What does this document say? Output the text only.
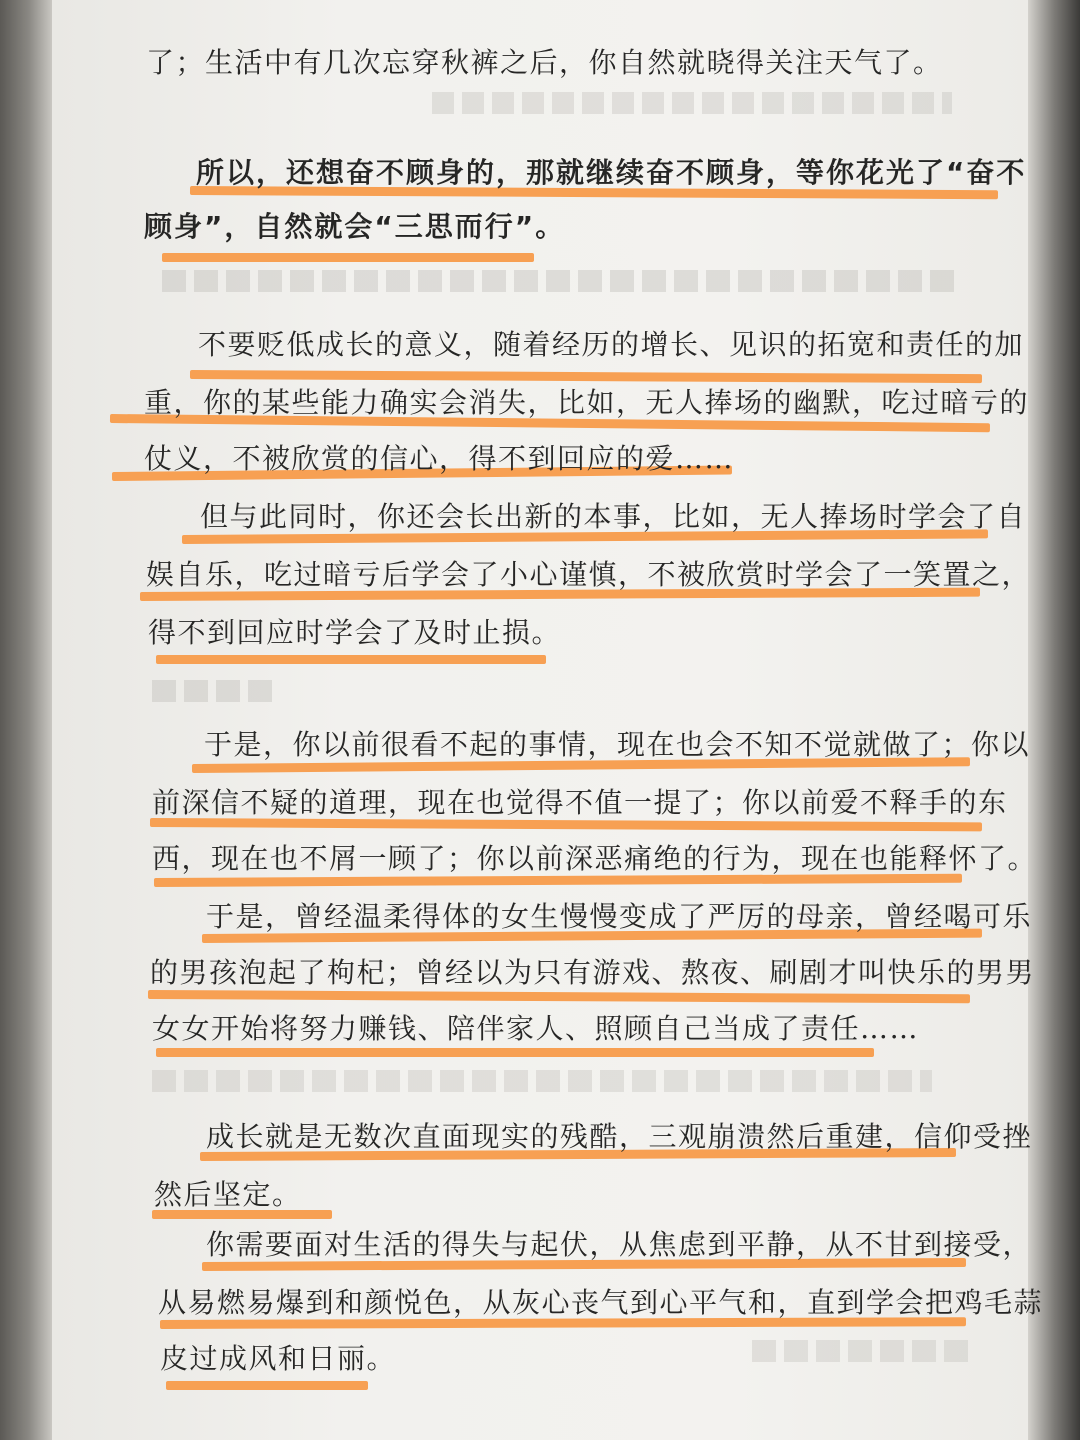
了；生活中有几次忘穿秋裤之后，你自然就晓得关注天气了。
所以，还想奋不顾身的，那就继续奋不顾身，等你花光了“奋不
顾身”，自然就会“三思而行”。
不要贬低成长的意义，随着经历的增长、见识的拓宽和责任的加
重，你的某些能力确实会消失，比如，无人捧场的幽默，吃过暗亏的
仗义，不被欣赏的信心，得不到回应的爱……
但与此同时，你还会长出新的本事，比如，无人捧场时学会了自
娱自乐，吃过暗亏后学会了小心谨慎，不被欣赏时学会了一笑置之，
得不到回应时学会了及时止损。
于是，你以前很看不起的事情，现在也会不知不觉就做了；你以
前深信不疑的道理，现在也觉得不值一提了；你以前爱不释手的东
西，现在也不屑一顾了；你以前深恶痛绝的行为，现在也能释怀了。
于是，曾经温柔得体的女生慢慢变成了严厉的母亲，曾经喝可乐
的男孩泡起了枸杞；曾经以为只有游戏、熬夜、刷剧才叫快乐的男男
女女开始将努力赚钱、陪伴家人、照顾自己当成了责任……
成长就是无数次直面现实的残酷，三观崩溃然后重建，信仰受挫
然后坚定。
你需要面对生活的得失与起伏，从焦虑到平静，从不甘到接受，
从易燃易爆到和颜悦色，从灰心丧气到心平气和，直到学会把鸡毛蒜
皮过成风和日丽。
